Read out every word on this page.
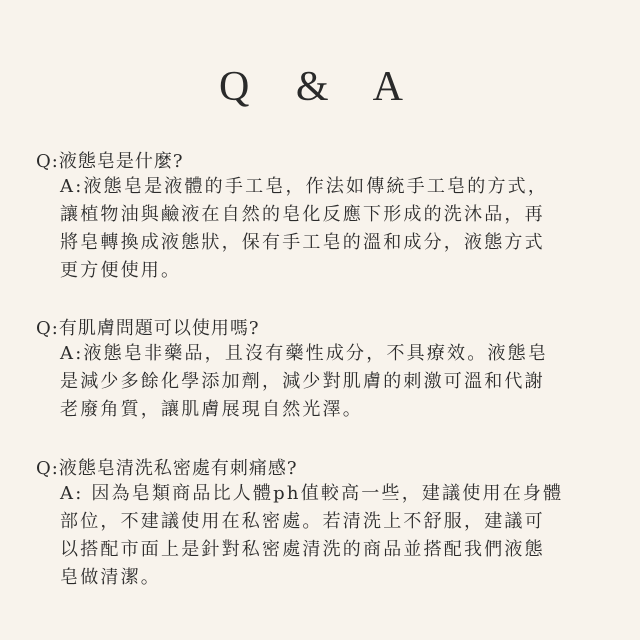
Q & A
Q:液態皂是什麼?
A:液態皂是液體的手工皂，作法如傳統手工皂的方式，
讓植物油與鹼液在自然的皂化反應下形成的洗沐品，再
將皂轉換成液態狀，保有手工皂的溫和成分，液態方式
更方便使用。
Q:有肌膚問題可以使用嗎?
A:液態皂非藥品，且沒有藥性成分，不具療效。液態皂
是減少多餘化學添加劑，減少對肌膚的刺激可溫和代謝
老廢角質，讓肌膚展現自然光澤。
Q:液態皂清洗私密處有刺痛感?
A: 因為皂類商品比人體ph值較高一些，建議使用在身體
部位，不建議使用在私密處。若清洗上不舒服，建議可
以搭配市面上是針對私密處清洗的商品並搭配我們液態
皂做清潔。
